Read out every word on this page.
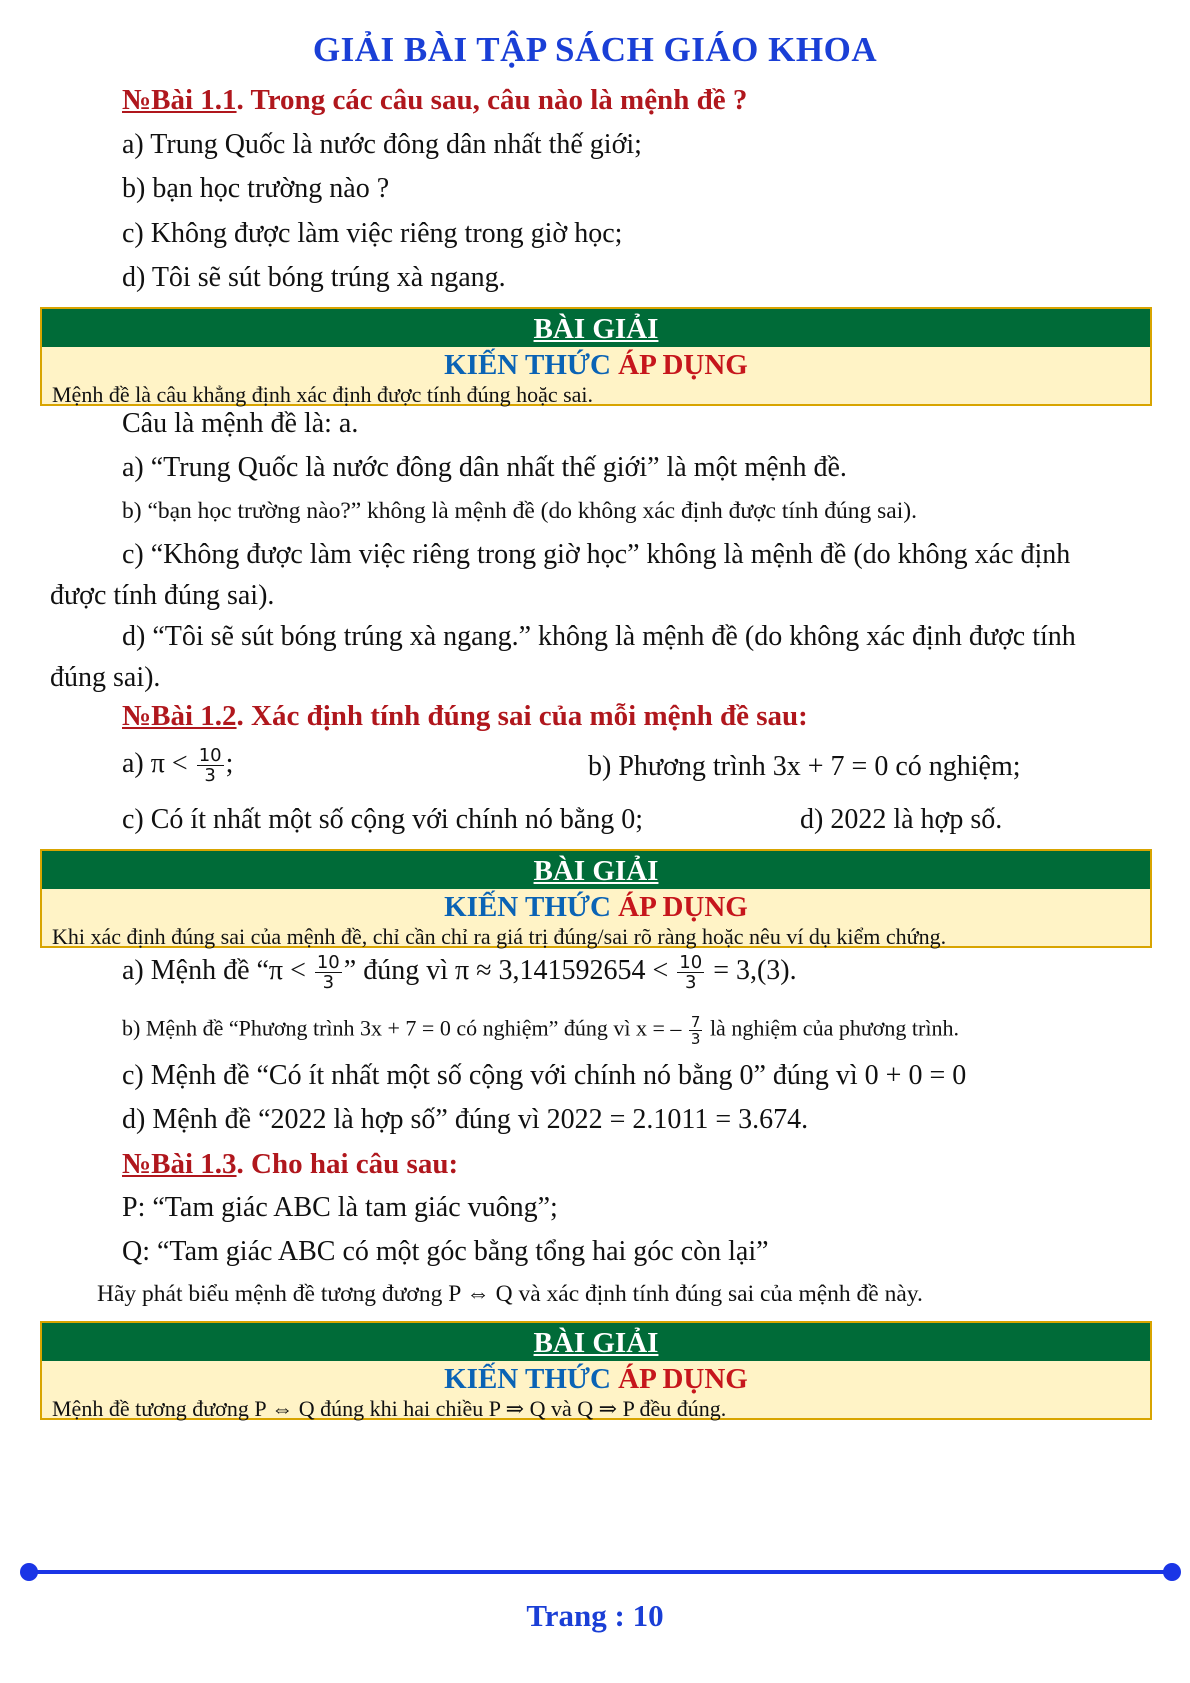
GIẢI BÀI TẬP SÁCH GIÁO KHOA
№Bài 1.1. Trong các câu sau, câu nào là mệnh đề ?
a) Trung Quốc là nước đông dân nhất thế giới;
b) bạn học trường nào ?
c) Không được làm việc riêng trong giờ học;
d) Tôi sẽ sút bóng trúng xà ngang.
BÀI GIẢI
KIẾN THỨC ÁP DỤNG
Mệnh đề là câu khẳng định xác định được tính đúng hoặc sai.
Câu là mệnh đề là: a.
a) “Trung Quốc là nước đông dân nhất thế giới” là một mệnh đề.
b) “bạn học trường nào?” không là mệnh đề (do không xác định được tính đúng sai).
c) “Không được làm việc riêng trong giờ học” không là mệnh đề (do không xác định được tính đúng sai).
d) “Tôi sẽ sút bóng trúng xà ngang.” không là mệnh đề (do không xác định được tính đúng sai).
№Bài 1.2. Xác định tính đúng sai của mỗi mệnh đề sau:
a) $\pi < \frac{10}{3}$ ;	b) Phương trình 3x + 7 = 0 có nghiệm;
c) Có ít nhất một số cộng với chính nó bằng 0;	d) 2022 là hợp số.
BÀI GIẢI
KIẾN THỨC ÁP DỤNG
Khi xác định đúng sai của mệnh đề, chỉ cần chỉ ra giá trị đúng/sai rõ ràng hoặc nêu ví dụ kiểm chứng.
a) Mệnh đề “$\pi < \frac{10}{3}$ ” đúng vì $\pi \approx 3,141592654 < \frac{10}{3} = 3,(3)$.
b) Mệnh đề “Phương trình 3x + 7 = 0 có nghiệm” đúng vì x = – $\frac{7}{3}$ là nghiệm của phương trình.
c) Mệnh đề “Có ít nhất một số cộng với chính nó bằng 0” đúng vì 0 + 0 = 0
d) Mệnh đề “2022 là hợp số” đúng vì 2022 = 2.1011 = 3.674.
№Bài 1.3. Cho hai câu sau:
P: “Tam giác ABC là tam giác vuông”;
Q: “Tam giác ABC có một góc bằng tổng hai góc còn lại”
Hãy phát biểu mệnh đề tương đương P ⇔ Q và xác định tính đúng sai của mệnh đề này.
BÀI GIẢI
KIẾN THỨC ÁP DỤNG
Mệnh đề tương đương P ⇔ Q đúng khi hai chiều P ⇒ Q và Q ⇒ P đều đúng.
Trang : 10
